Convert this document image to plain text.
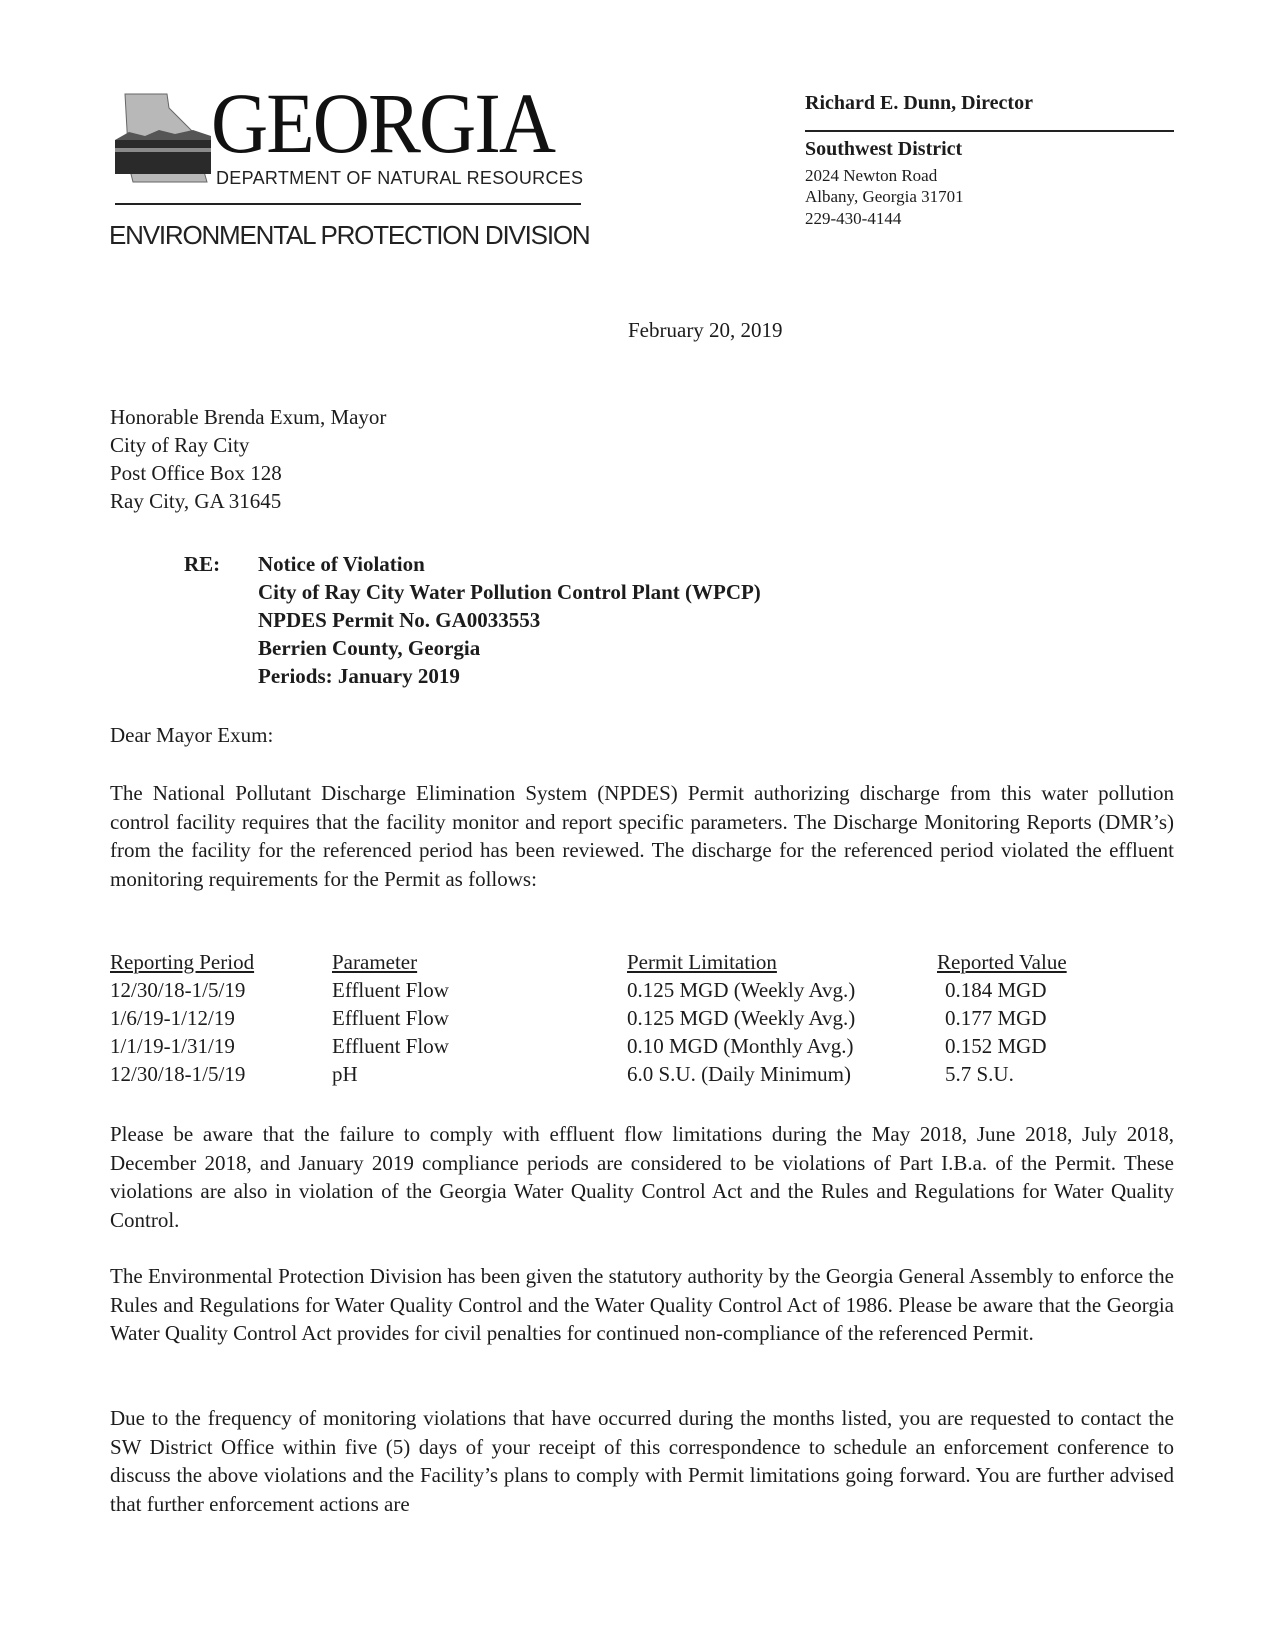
GEORGIA
DEPARTMENT OF NATURAL RESOURCES
ENVIRONMENTAL PROTECTION DIVISION
Richard E. Dunn, Director
Southwest District
2024 Newton Road
Albany, Georgia 31701
229-430-4144
February 20, 2019
Honorable Brenda Exum, Mayor
City of Ray City
Post Office Box 128
Ray City, GA 31645
RE: Notice of Violation
City of Ray City Water Pollution Control Plant (WPCP)
NPDES Permit No. GA0033553
Berrien County, Georgia
Periods: January 2019
Dear Mayor Exum:

The National Pollutant Discharge Elimination System (NPDES) Permit authorizing discharge from this water pollution control facility requires that the facility monitor and report specific parameters. The Discharge Monitoring Reports (DMR’s) from the facility for the referenced period has been reviewed. The discharge for the referenced period violated the effluent monitoring requirements for the Permit as follows:

Reporting Period	Parameter	Permit Limitation	Reported Value
12/30/18-1/5/19	Effluent Flow	0.125 MGD (Weekly Avg.)	0.184 MGD
1/6/19-1/12/19	Effluent Flow	0.125 MGD (Weekly Avg.)	0.177 MGD
1/1/19-1/31/19	Effluent Flow	0.10 MGD (Monthly Avg.)	0.152 MGD
12/30/18-1/5/19	pH	6.0 S.U. (Daily Minimum)	5.7 S.U.

Please be aware that the failure to comply with effluent flow limitations during the May 2018, June 2018, July 2018, December 2018, and January 2019 compliance periods are considered to be violations of Part I.B.a. of the Permit. These violations are also in violation of the Georgia Water Quality Control Act and the Rules and Regulations for Water Quality Control.

The Environmental Protection Division has been given the statutory authority by the Georgia General Assembly to enforce the Rules and Regulations for Water Quality Control and the Water Quality Control Act of 1986. Please be aware that the Georgia Water Quality Control Act provides for civil penalties for continued non-compliance of the referenced Permit.

Due to the frequency of monitoring violations that have occurred during the months listed, you are requested to contact the SW District Office within five (5) days of your receipt of this correspondence to schedule an enforcement conference to discuss the above violations and the Facility’s plans to comply with Permit limitations going forward. You are further advised that further enforcement actions are
